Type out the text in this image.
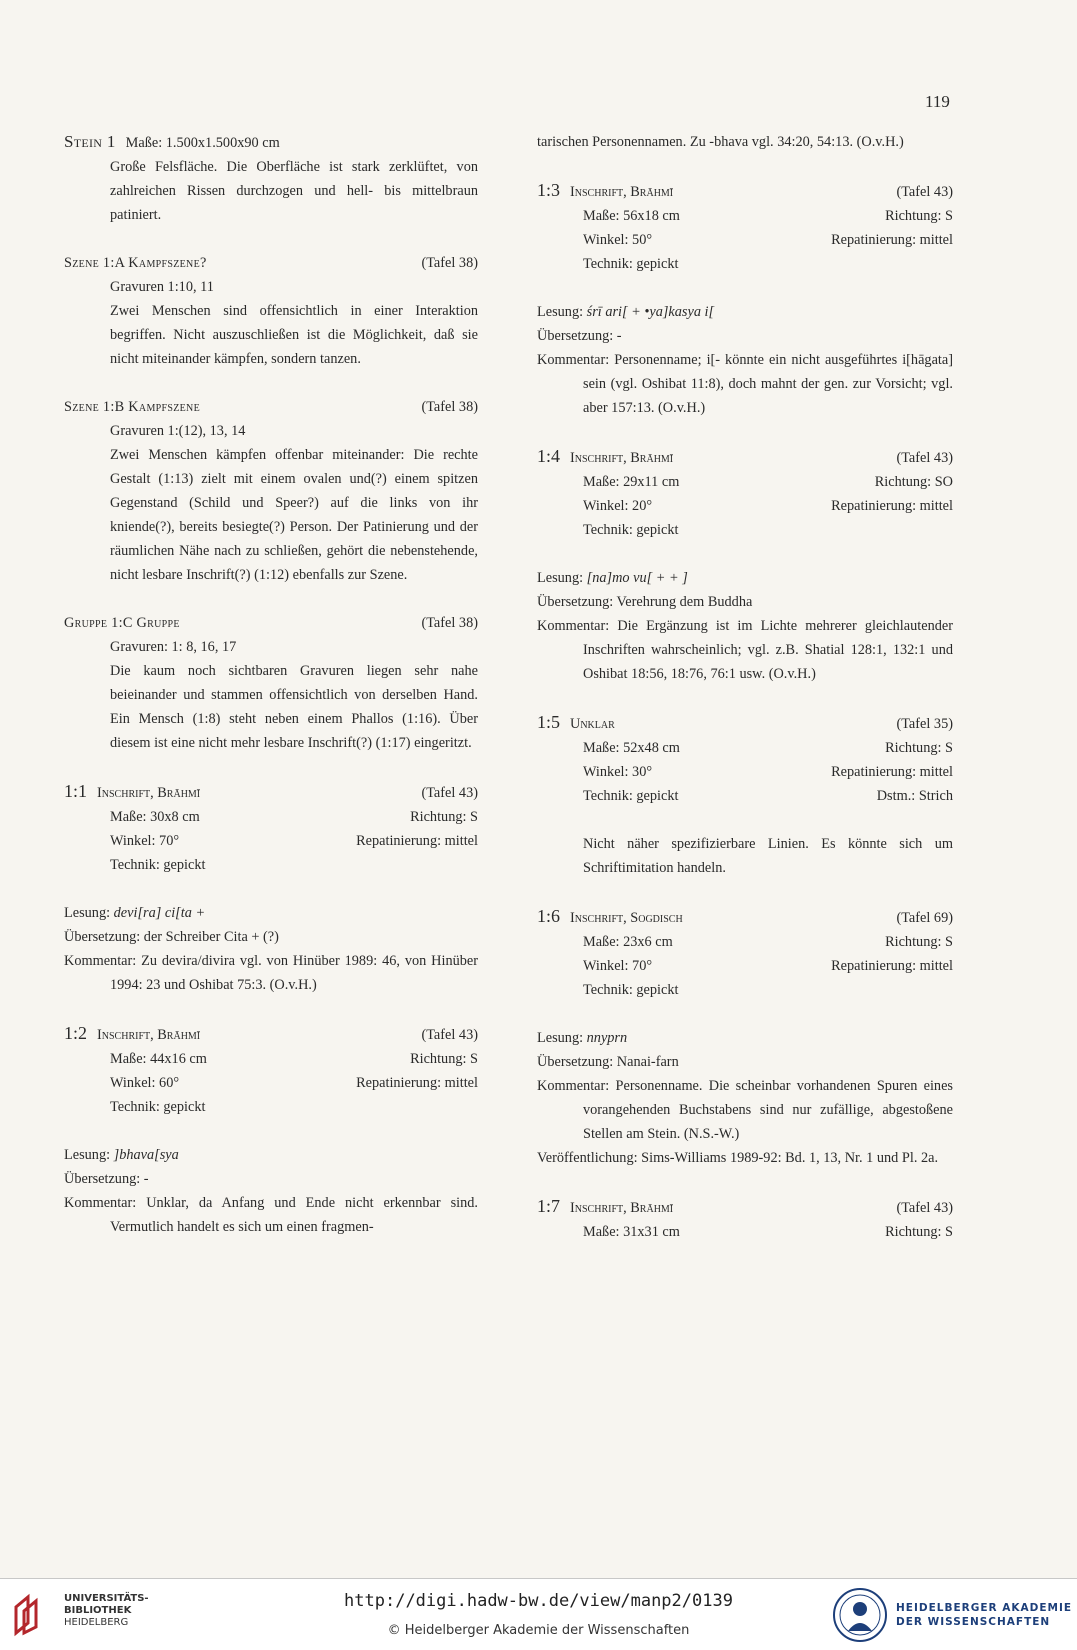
119
Stein 1 Maße: 1.500x1.500x90 cm
Große Felsfläche. Die Oberfläche ist stark zerklüftet, von zahlreichen Rissen durchzogen und hell- bis mittelbraun patiniert.
Szene 1:A Kampfszene?	(Tafel 38)
Gravuren 1:10, 11
Zwei Menschen sind offensichtlich in einer Interaktion begriffen. Nicht auszuschließen ist die Möglichkeit, daß sie nicht miteinander kämpfen, sondern tanzen.
Szene 1:B Kampfszene	(Tafel 38)
Gravuren 1:(12), 13, 14
Zwei Menschen kämpfen offenbar miteinander: Die rechte Gestalt (1:13) zielt mit einem ovalen und(?) einem spitzen Gegenstand (Schild und Speer?) auf die links von ihr kniende(?), bereits besiegte(?) Person. Der Patinierung und der räumlichen Nähe nach zu schließen, gehört die nebenstehende, nicht lesbare Inschrift(?) (1:12) ebenfalls zur Szene.
Gruppe 1:C Gruppe	(Tafel 38)
Gravuren: 1: 8, 16, 17
Die kaum noch sichtbaren Gravuren liegen sehr nahe beieinander und stammen offensichtlich von derselben Hand. Ein Mensch (1:8) steht neben einem Phallos (1:16). Über diesem ist eine nicht mehr lesbare Inschrift(?) (1:17) eingeritzt.
1:1 Inschrift, Brāhmī	(Tafel 43)
Maße: 30x8 cm	Richtung: S
Winkel: 70°	Repatinierung: mittel
Technik: gepickt
Lesung: devi[ra] ci[ta +
Übersetzung: der Schreiber Cita + (?)
Kommentar: Zu devira/divira vgl. von Hinüber 1989: 46, von Hinüber 1994: 23 und Oshibat 75:3. (O.v.H.)
1:2 Inschrift, Brāhmī	(Tafel 43)
Maße: 44x16 cm	Richtung: S
Winkel: 60°	Repatinierung: mittel
Technik: gepickt
Lesung: ]bhava[sya
Übersetzung: -
Kommentar: Unklar, da Anfang und Ende nicht erkennbar sind. Vermutlich handelt es sich um einen fragmen-
tarischen Personennamen. Zu -bhava vgl. 34:20, 54:13. (O.v.H.)
1:3 Inschrift, Brāhmī	(Tafel 43)
Maße: 56x18 cm	Richtung: S
Winkel: 50°	Repatinierung: mittel
Technik: gepickt
Lesung: śrī ari[ + •ya]kasya i[
Übersetzung: -
Kommentar: Personenname; i[- könnte ein nicht ausgeführtes i[hāgata] sein (vgl. Oshibat 11:8), doch mahnt der gen. zur Vorsicht; vgl. aber 157:13. (O.v.H.)
1:4 Inschrift, Brāhmī	(Tafel 43)
Maße: 29x11 cm	Richtung: SO
Winkel: 20°	Repatinierung: mittel
Technik: gepickt
Lesung: [na]mo vu[ + + ]
Übersetzung: Verehrung dem Buddha
Kommentar: Die Ergänzung ist im Lichte mehrerer gleichlautender Inschriften wahrscheinlich; vgl. z.B. Shatial 128:1, 132:1 und Oshibat 18:56, 18:76, 76:1 usw. (O.v.H.)
1:5 Unklar	(Tafel 35)
Maße: 52x48 cm	Richtung: S
Winkel: 30°	Repatinierung: mittel
Technik: gepickt	Dstm.: Strich
Nicht näher spezifizierbare Linien. Es könnte sich um Schriftimitation handeln.
1:6 Inschrift, Sogdisch	(Tafel 69)
Maße: 23x6 cm	Richtung: S
Winkel: 70°	Repatinierung: mittel
Technik: gepickt
Lesung: nnyprn
Übersetzung: Nanai-farn
Kommentar: Personenname. Die scheinbar vorhandenen Spuren eines vorangehenden Buchstabens sind nur zufällige, abgestoßene Stellen am Stein. (N.S.-W.)
Veröffentlichung: Sims-Williams 1989-92: Bd. 1, 13, Nr. 1 und Pl. 2a.
1:7 Inschrift, Brāhmī	(Tafel 43)
Maße: 31x31 cm	Richtung: S
UNIVERSITÄTS-
BIBLIOTHEK
HEIDELBERG
http://digi.hadw-bw.de/view/manp2/0139
© Heidelberger Akademie der Wissenschaften
HEIDELBERGER AKADEMIE
DER WISSENSCHAFTEN
